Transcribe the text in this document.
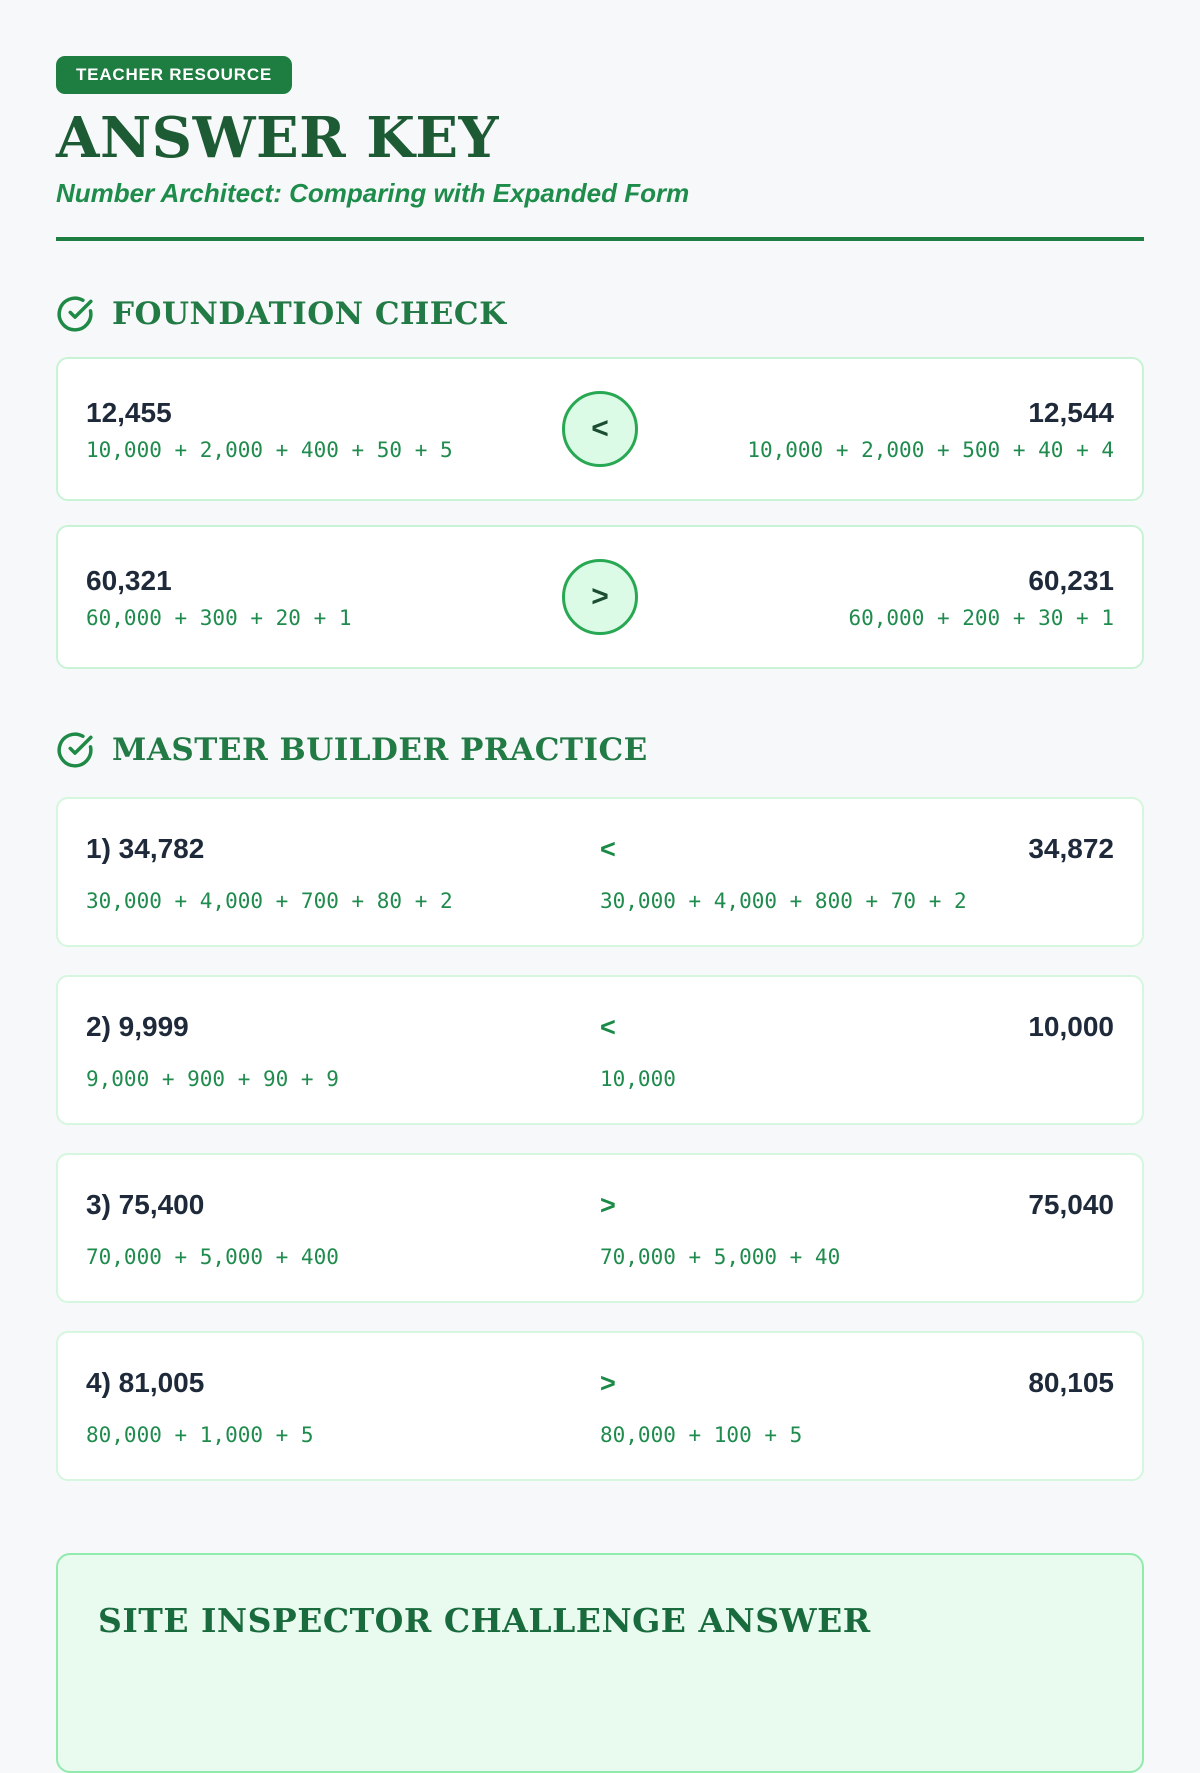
TEACHER RESOURCE
ANSWER KEY
Number Architect: Comparing with Expanded Form
FOUNDATION CHECK
12,455
10,000 + 2,000 + 400 + 50 + 5
<	12,544
10,000 + 2,000 + 500 + 40 + 4
60,321
60,000 + 300 + 20 + 1
>	60,231
60,000 + 200 + 30 + 1
MASTER BUILDER PRACTICE
1) 34,782	<	34,872
30,000 + 4,000 + 700 + 80 + 2	30,000 + 4,000 + 800 + 70 + 2
2) 9,999	<	10,000
9,000 + 900 + 90 + 9	10,000
3) 75,400	>	75,040
70,000 + 5,000 + 400	70,000 + 5,000 + 40
4) 81,005	>	80,105
80,000 + 1,000 + 5	80,000 + 100 + 5
SITE INSPECTOR CHALLENGE ANSWER
